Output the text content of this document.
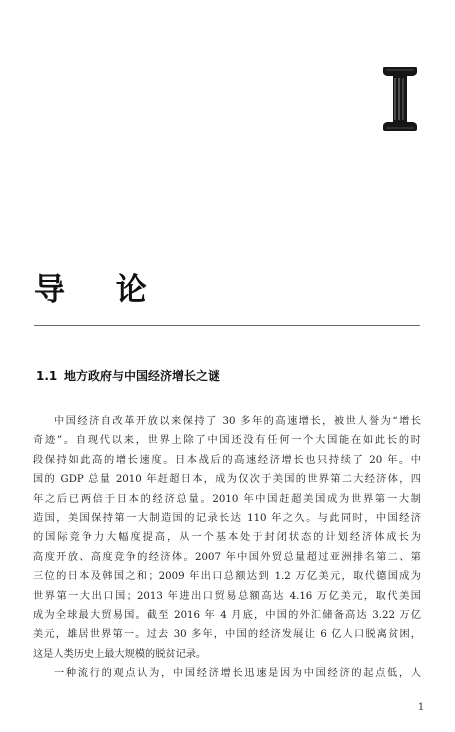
导 论
1.1 地方政府与中国经济增长之谜
中国经济自改革开放以来保持了 30 多年的高速增长，被世人誉为“增长
奇迹”。自现代以来，世界上除了中国还没有任何一个大国能在如此长的时
段保持如此高的增长速度。日本战后的高速经济增长也只持续了 20 年。中
国的 GDP 总量 2010 年赶超日本，成为仅次于美国的世界第二大经济体，四
年之后已两倍于日本的经济总量。2010 年中国赶超美国成为世界第一大制
造国，美国保持第一大制造国的记录长达 110 年之久。与此同时，中国经济
的国际竞争力大幅度提高，从一个基本处于封闭状态的计划经济体成长为
高度开放、高度竞争的经济体。2007 年中国外贸总量超过亚洲排名第二、第
三位的日本及韩国之和；2009 年出口总额达到 1.2 万亿美元，取代德国成为
世界第一大出口国；2013 年进出口贸易总额高达 4.16 万亿美元，取代美国
成为全球最大贸易国。截至 2016 年 4 月底，中国的外汇储备高达 3.22 万亿
美元，雄居世界第一。过去 30 多年，中国的经济发展让 6 亿人口脱离贫困，
这是人类历史上最大规模的脱贫记录。
一种流行的观点认为，中国经济增长迅速是因为中国经济的起点低，人
1
